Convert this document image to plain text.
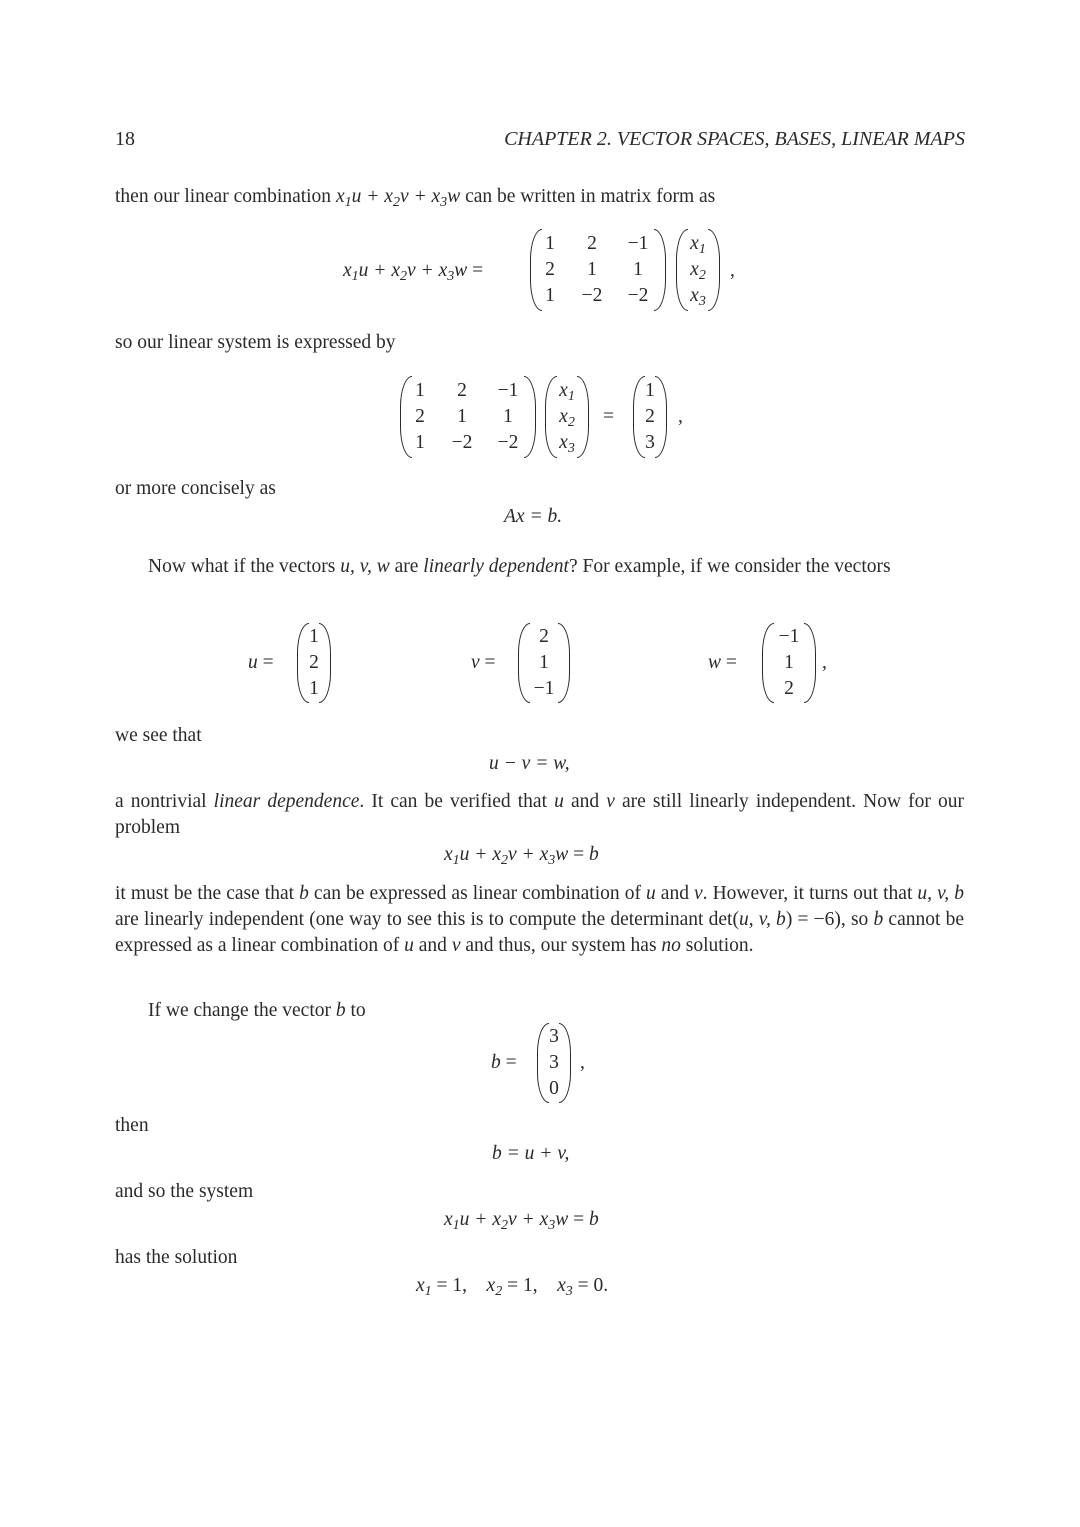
18	CHAPTER 2. VECTOR SPACES, BASES, LINEAR MAPS
then our linear combination $x_1u + x_2v + x_3w$ can be written in matrix form as
$x_1u + x_2v + x_3w$ =
1	2	−1
2	1	1
1	−2	−2
$x_1$
$x_2$
$x_3$
,
so our linear system is expressed by
1	2	−1
2	1	1
1	−2	−2
$x_1$
$x_2$
$x_3$
=
1
2
3
,
or more concisely as
Ax = b.
Now what if the vectors u, v, w are linearly dependent? For example, if we consider the vectors
u =
1
2
1
v =
2
1
−1
w =
−1
1
2
,
we see that
u − v = w,
a nontrivial linear dependence. It can be verified that u and v are still linearly independent. Now for our problem
$x_1u + x_2v + x_3w = b$
it must be the case that b can be expressed as linear combination of u and v. However, it turns out that u, v, b are linearly independent (one way to see this is to compute the determinant det(u, v, b) = −6), so b cannot be expressed as a linear combination of u and v and thus, our system has no solution.
If we change the vector b to
b =
3
3
0
,
then
b = u + v,
and so the system
$x_1u + x_2v + x_3w = b$
has the solution
$x_1 = 1$,    $x_2 = 1$,    $x_3 = 0$.
